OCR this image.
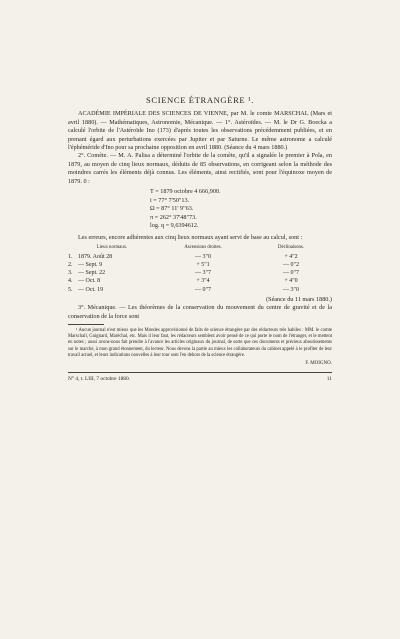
SCIENCE ÉTRANGÈRE ¹.

ACADÉMIE IMPÉRIALE DES SCIENCES DE VIENNE, par M. le comte MARSCHAL (Mars et avril 1880). — Mathématiques, Astronomie, Mécanique. — 1°. Astéroïdes. — M. le Dr G. Boecka a calculé l'orbite de l'Astéroïde Ino (173) d'après toutes les observations précédemment publiées, et en prenant égard aux perturbations exercées par Jupiter et par Saturne. Le même astronome a calculé l'éphéméride d'Ino pour sa prochaine opposition en avril 1880. (Séance du 4 mars 1880.)

2°. Comète. — M. A. Palisa a déterminé l'orbite de la comète, qu'il a signalée le premier à Pola, en 1879, au moyen de cinq lieux normaux, déduits de 85 observations, en corrigeant selon la méthode des moindres carrés les éléments déjà connus. Les éléments, ainsi rectifiés, sont pour l'équinoxe moyen de 1879. 0 :

T = 1879 octobre 4 666,900.
i = 77° 7'50"13.
Ω = 87° 11' 9"63.
π = 262° 37'48"73.
log. q = 9,6394612.

Les erreurs, encore adhérentes aux cinq lieux normaux ayant servi de base au calcul, sont :

Lieux normaux.		Ascensions droites.	Déclinaisons.
1.	1879. Août 28	— 3"0	+ 4"2
2.	— Sept. 9	+ 5"1	— 0"2
3.	— Sept. 22	— 3"7	— 0"7
4.	— Oct. 8	+ 3"4	+ 4"0
5.	— Oct. 19	— 0"7	— 3"0

(Séance du 11 mars 1880.)

3°. Mécanique. — Les théorèmes de la conservation du mouvement du centre de gravité et de la conservation de la force sont

¹ Aucun journal n'est mieux que les Mondes approvisionné de faits de science étrangère par des rédacteurs très habiles : MM. le comte Marschall, Guignard, Maréchal, etc. Mais il leur faut, les rédacteurs semblent avoir pensé de ce qui porte le nom de l'étranger, et le mettent en notes ; aussi avons-nous fait prendre à l'avance les articles originaux du journal, de sorte que ces documents et précieux aboutissements sur le marché, à mon grand étonnement, du lecteur. Nous devons la partie au mieux les collaborateurs du cabinet appelé à le profiter de leur travail actuel, et leurs indications nouvelles à leur tour sont l'en dehors de la science étrangère.

F. MOIGNO.
N° 4, t. LIII, 7 octobre 1880.	11
